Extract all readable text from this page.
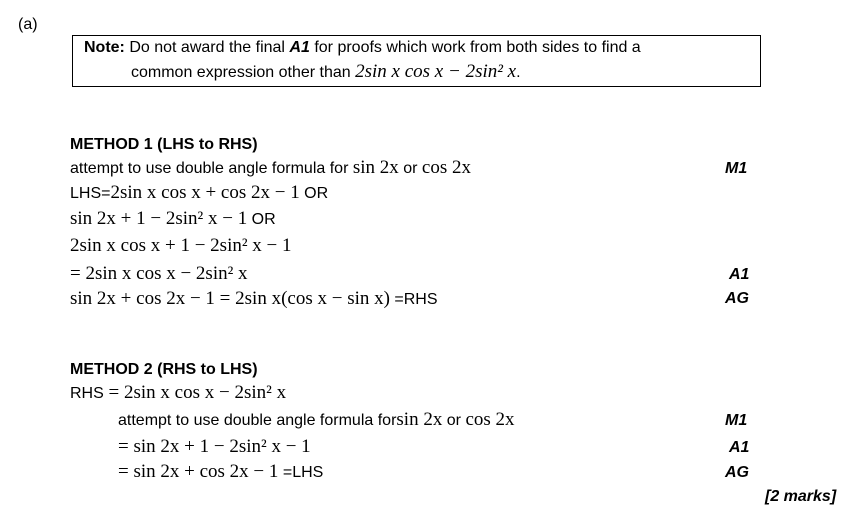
(a)
Note: Do not award the final A1 for proofs which work from both sides to find a
common expression other than 2sin x cos x − 2sin² x.
METHOD 1 (LHS to RHS)
attempt to use double angle formula for sin 2x or cos 2x	M1
LHS=2sin x cos x + cos 2x − 1 OR
sin 2x + 1 − 2sin² x − 1 OR
2sin x cos x + 1 − 2sin² x − 1
= 2sin x cos x − 2sin² x	A1
sin 2x + cos 2x − 1 = 2sin x(cos x − sin x) =RHS	AG
METHOD 2 (RHS to LHS)
RHS = 2sin x cos x − 2sin² x
attempt to use double angle formula forsin 2x or cos 2x	M1
= sin 2x + 1 − 2sin² x − 1	A1
= sin 2x + cos 2x − 1 =LHS	AG
[2 marks]
